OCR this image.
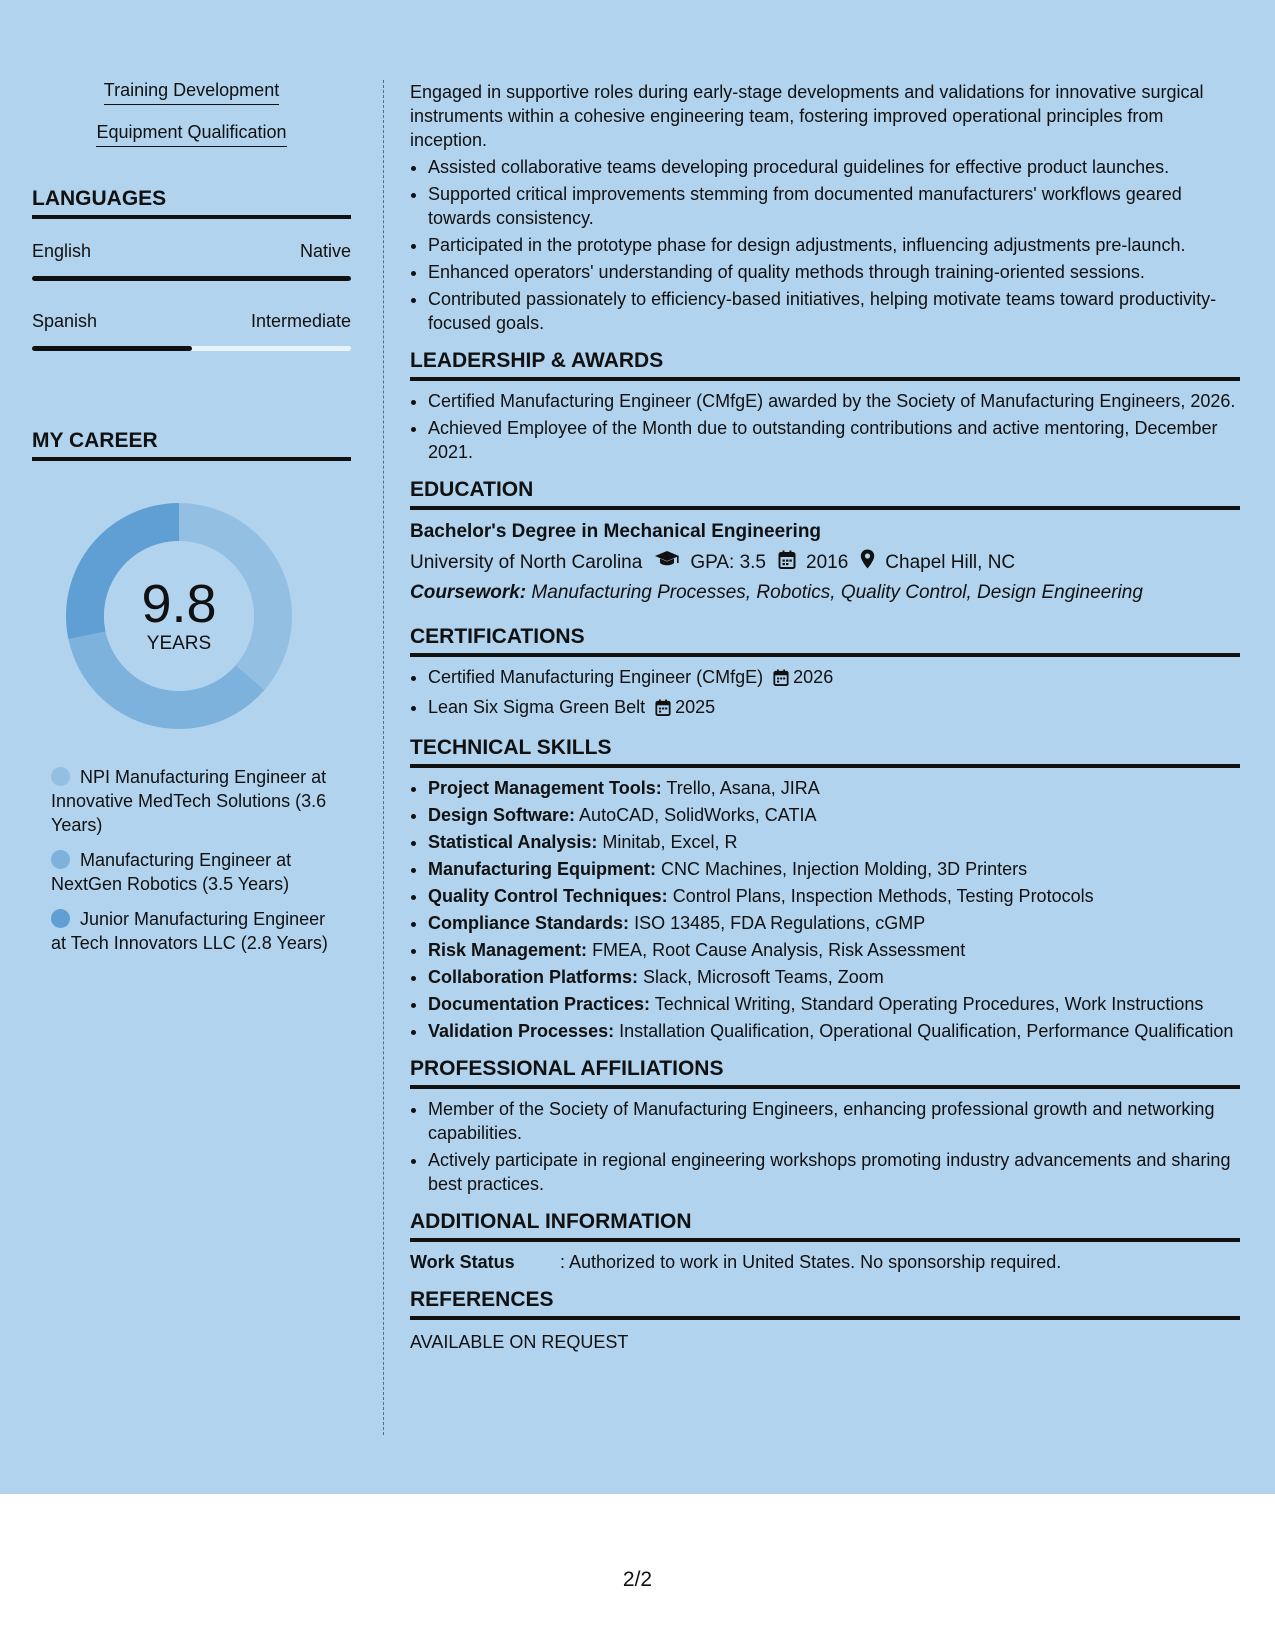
Training Development
Equipment Qualification
LANGUAGES
English	Native
Spanish	Intermediate
MY CAREER
9.8
YEARS
NPI Manufacturing Engineer at Innovative MedTech Solutions (3.6 Years)
Manufacturing Engineer at NextGen Robotics (3.5 Years)
Junior Manufacturing Engineer at Tech Innovators LLC (2.8 Years)

Engaged in supportive roles during early-stage developments and validations for innovative surgical instruments within a cohesive engineering team, fostering improved operational principles from inception.

• Assisted collaborative teams developing procedural guidelines for effective product launches.
• Supported critical improvements stemming from documented manufacturers' workflows geared towards consistency.
• Participated in the prototype phase for design adjustments, influencing adjustments pre-launch.
• Enhanced operators' understanding of quality methods through training-oriented sessions.
• Contributed passionately to efficiency-based initiatives, helping motivate teams toward productivity-focused goals.
LEADERSHIP & AWARDS
• Certified Manufacturing Engineer (CMfgE) awarded by the Society of Manufacturing Engineers, 2026.
• Achieved Employee of the Month due to outstanding contributions and active mentoring, December 2021.
EDUCATION
Bachelor's Degree in Mechanical Engineering
University of North Carolina	GPA: 3.5 2016 Chapel Hill, NC
Coursework: Manufacturing Processes, Robotics, Quality Control, Design Engineering
CERTIFICATIONS
• Certified Manufacturing Engineer (CMfgE) 2026
• Lean Six Sigma Green Belt 2025
TECHNICAL SKILLS
• Project Management Tools: Trello, Asana, JIRA
• Design Software: AutoCAD, SolidWorks, CATIA
• Statistical Analysis: Minitab, Excel, R
• Manufacturing Equipment: CNC Machines, Injection Molding, 3D Printers
• Quality Control Techniques: Control Plans, Inspection Methods, Testing Protocols
• Compliance Standards: ISO 13485, FDA Regulations, cGMP
• Risk Management: FMEA, Root Cause Analysis, Risk Assessment
• Collaboration Platforms: Slack, Microsoft Teams, Zoom
• Documentation Practices: Technical Writing, Standard Operating Procedures, Work Instructions
• Validation Processes: Installation Qualification, Operational Qualification, Performance Qualification
PROFESSIONAL AFFILIATIONS
• Member of the Society of Manufacturing Engineers, enhancing professional growth and networking capabilities.
• Actively participate in regional engineering workshops promoting industry advancements and sharing best practices.
ADDITIONAL INFORMATION
Work Status	: Authorized to work in United States. No sponsorship required.
REFERENCES

AVAILABLE ON REQUEST

2/2
